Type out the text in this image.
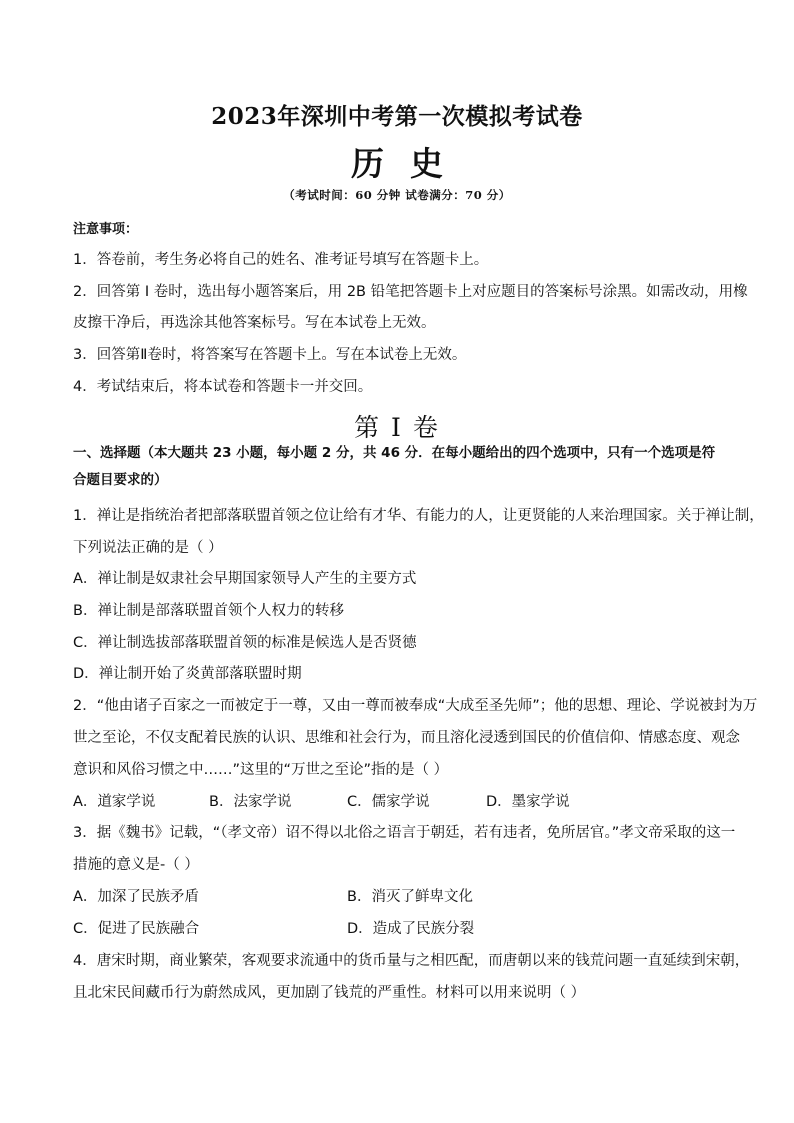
2023年深圳中考第一次模拟考试卷
历史
（考试时间：60 分钟 试卷满分：70 分）
注意事项：
1．答卷前，考生务必将自己的姓名、准考证号填写在答题卡上。
2．回答第 I 卷时，选出每小题答案后，用 2B 铅笔把答题卡上对应题目的答案标号涂黑。如需改动，用橡
皮擦干净后，再选涂其他答案标号。写在本试卷上无效。
3．回答第Ⅱ卷时，将答案写在答题卡上。写在本试卷上无效。
4．考试结束后，将本试卷和答题卡一并交回。
第 I 卷
一、选择题（本大题共 23 小题，每小题 2 分，共 46 分．在每小题给出的四个选项中，只有一个选项是符
合题目要求的）
1．禅让是指统治者把部落联盟首领之位让给有才华、有能力的人，让更贤能的人来治理国家。关于禅让制，
下列说法正确的是（ ）
A．禅让制是奴隶社会早期国家领导人产生的主要方式
B．禅让制是部落联盟首领个人权力的转移
C．禅让制选拔部落联盟首领的标准是候选人是否贤德
D．禅让制开始了炎黄部落联盟时期
2．“他由诸子百家之一而被定于一尊，又由一尊而被奉成“大成至圣先师”；他的思想、理论、学说被封为万
世之至论，不仅支配着民族的认识、思维和社会行为，而且溶化浸透到国民的价值信仰、情感态度、观念
意识和风俗习惯之中……”这里的“万世之至论”指的是（ ）
A．道家学说	B．法家学说	C．儒家学说	D．墨家学说
3．据《魏书》记载，“（孝文帝）诏不得以北俗之语言于朝廷，若有违者，免所居官。”孝文帝采取的这一
措施的意义是-（ ）
A．加深了民族矛盾	B．消灭了鲜卑文化
C．促进了民族融合	D．造成了民族分裂
4．唐宋时期，商业繁荣，客观要求流通中的货币量与之相匹配，而唐朝以来的钱荒问题一直延续到宋朝，
且北宋民间藏币行为蔚然成风，更加剧了钱荒的严重性。材料可以用来说明（ ）
